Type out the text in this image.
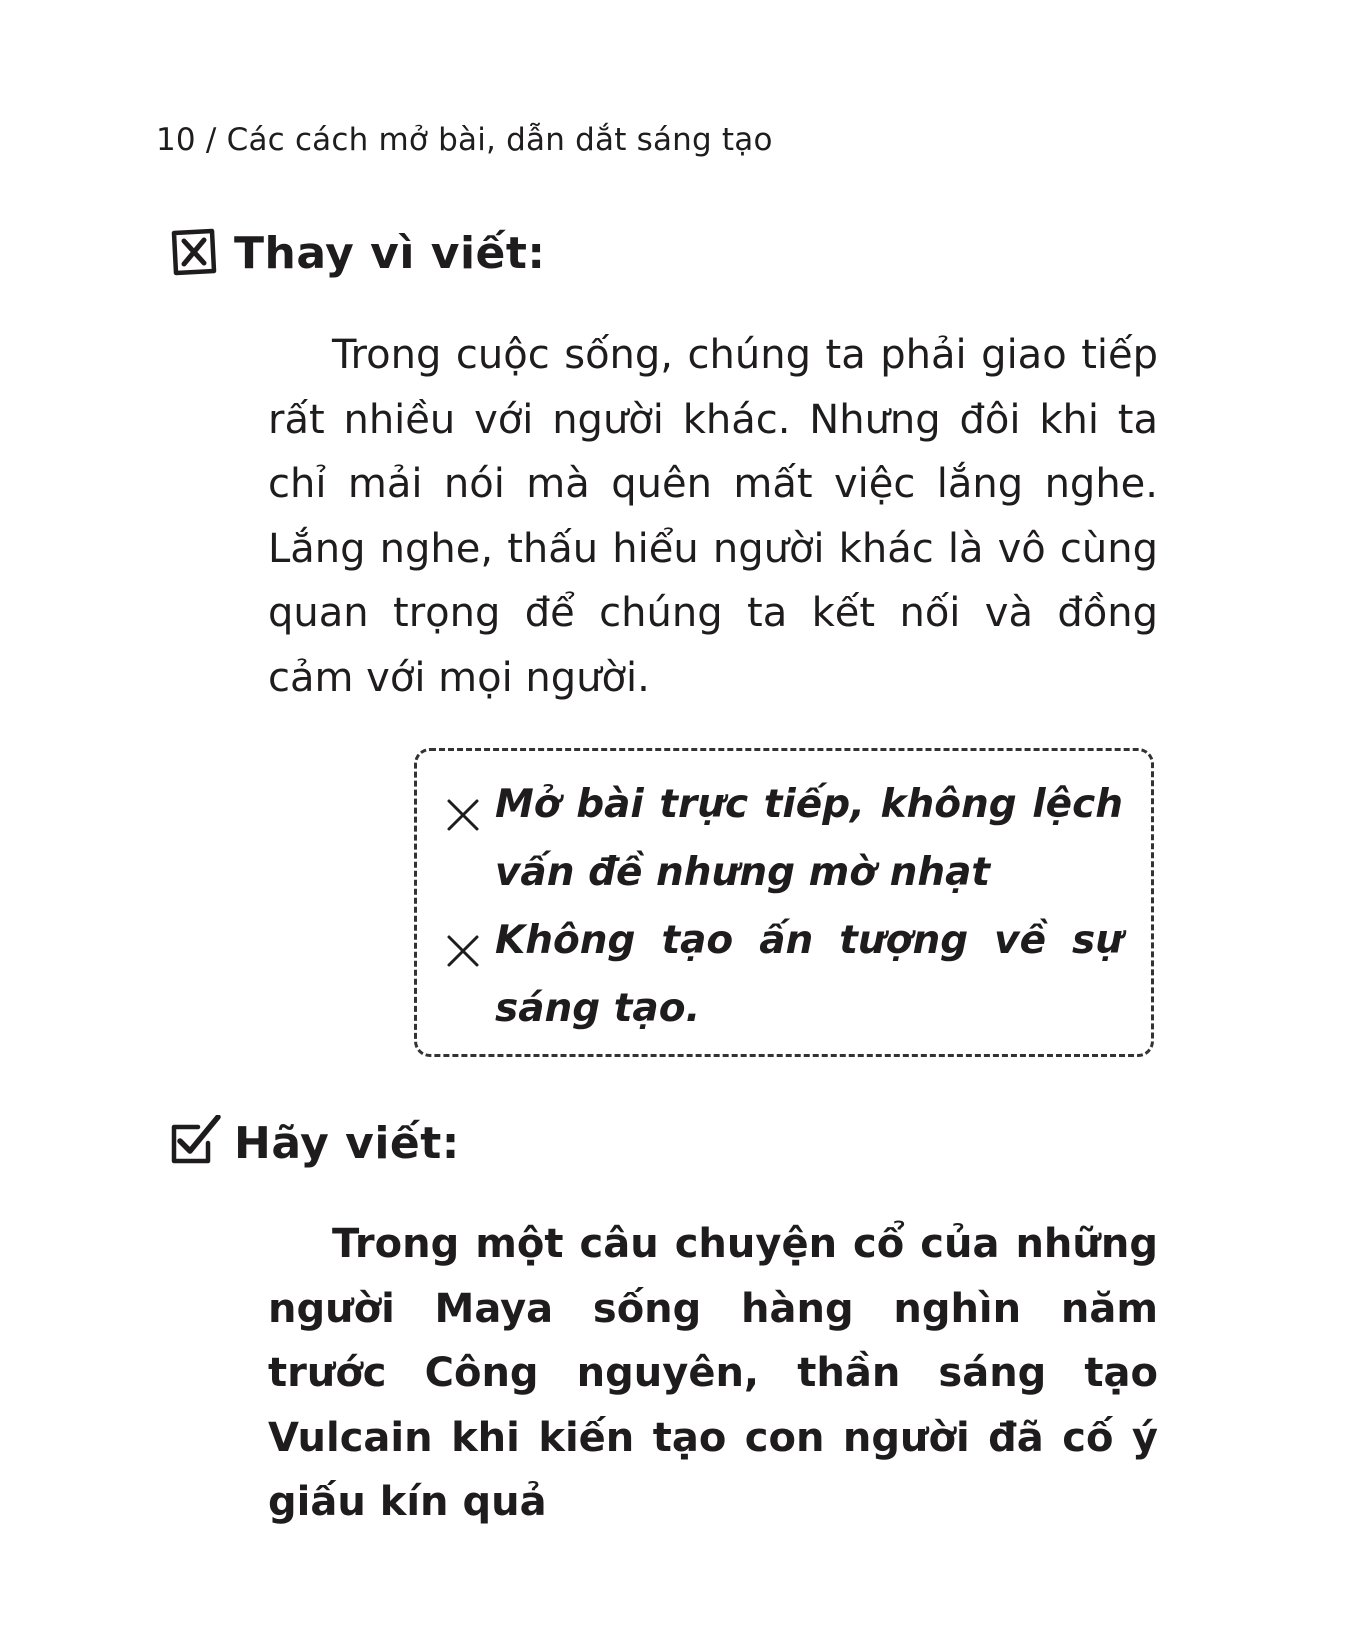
10 / Các cách mở bài, dẫn dắt sáng tạo
Thay vì viết:

Trong cuộc sống, chúng ta phải giao tiếp rất nhiều với người khác. Nhưng đôi khi ta chỉ mải nói mà quên mất việc lắng nghe. Lắng nghe, thấu hiểu người khác là vô cùng quan trọng để chúng ta kết nối và đồng cảm với mọi người.

Mở bài trực tiếp, không lệch vấn đề nhưng mờ nhạt
Không tạo ấn tượng về sự sáng tạo.
Hãy viết:

Trong một câu chuyện cổ của những người Maya sống hàng nghìn năm trước Công nguyên, thần sáng tạo Vulcain khi kiến tạo con người đã cố ý giấu kín quả
